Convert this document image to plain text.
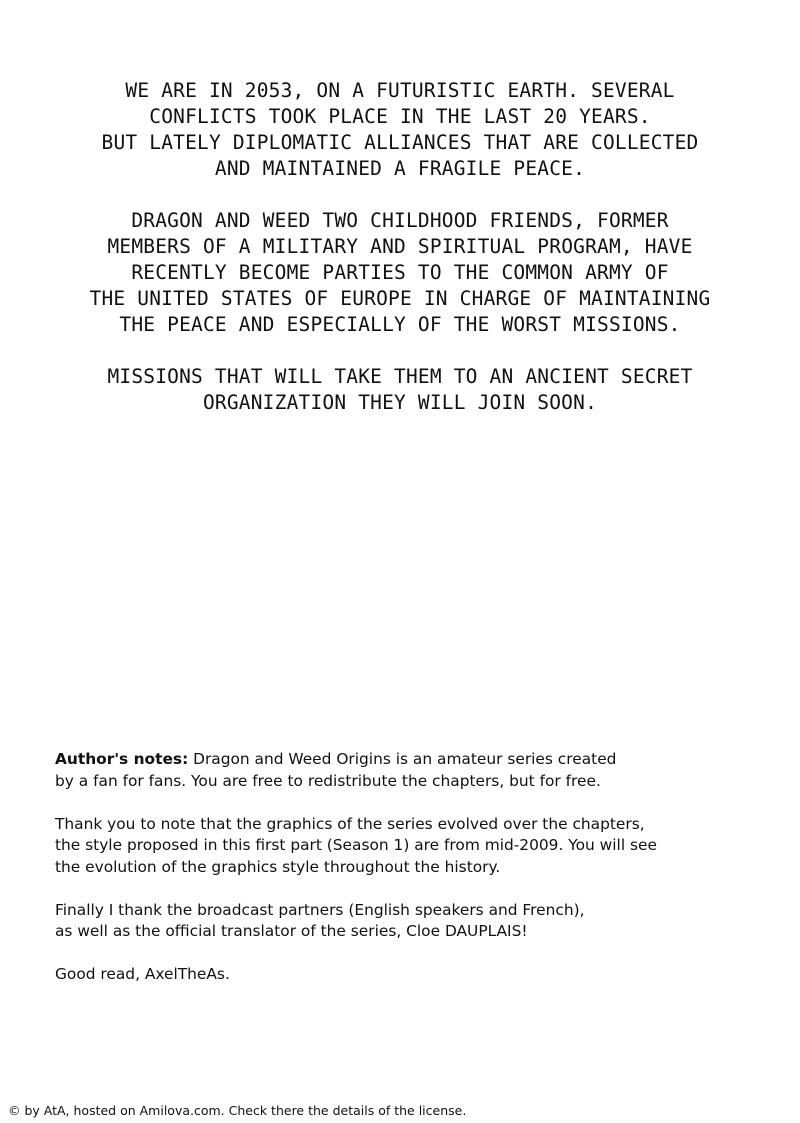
WE ARE IN 2053, ON A FUTURISTIC EARTH. SEVERAL
CONFLICTS TOOK PLACE IN THE LAST 20 YEARS.
BUT LATELY DIPLOMATIC ALLIANCES THAT ARE COLLECTED
AND MAINTAINED A FRAGILE PEACE.

DRAGON AND WEED TWO CHILDHOOD FRIENDS, FORMER
MEMBERS OF A MILITARY AND SPIRITUAL PROGRAM, HAVE
RECENTLY BECOME PARTIES TO THE COMMON ARMY OF
THE UNITED STATES OF EUROPE IN CHARGE OF MAINTAINING
THE PEACE AND ESPECIALLY OF THE WORST MISSIONS.

MISSIONS THAT WILL TAKE THEM TO AN ANCIENT SECRET
ORGANIZATION THEY WILL JOIN SOON.

Author's notes: Dragon and Weed Origins is an amateur series created
by a fan for fans. You are free to redistribute the chapters, but for free.

Thank you to note that the graphics of the series evolved over the chapters,
the style proposed in this first part (Season 1) are from mid-2009. You will see
the evolution of the graphics style throughout the history.

Finally I thank the broadcast partners (English speakers and French),
as well as the official translator of the series, Cloe DAUPLAIS!

Good read, AxelTheAs.

© by AtA, hosted on Amilova.com. Check there the details of the license.
